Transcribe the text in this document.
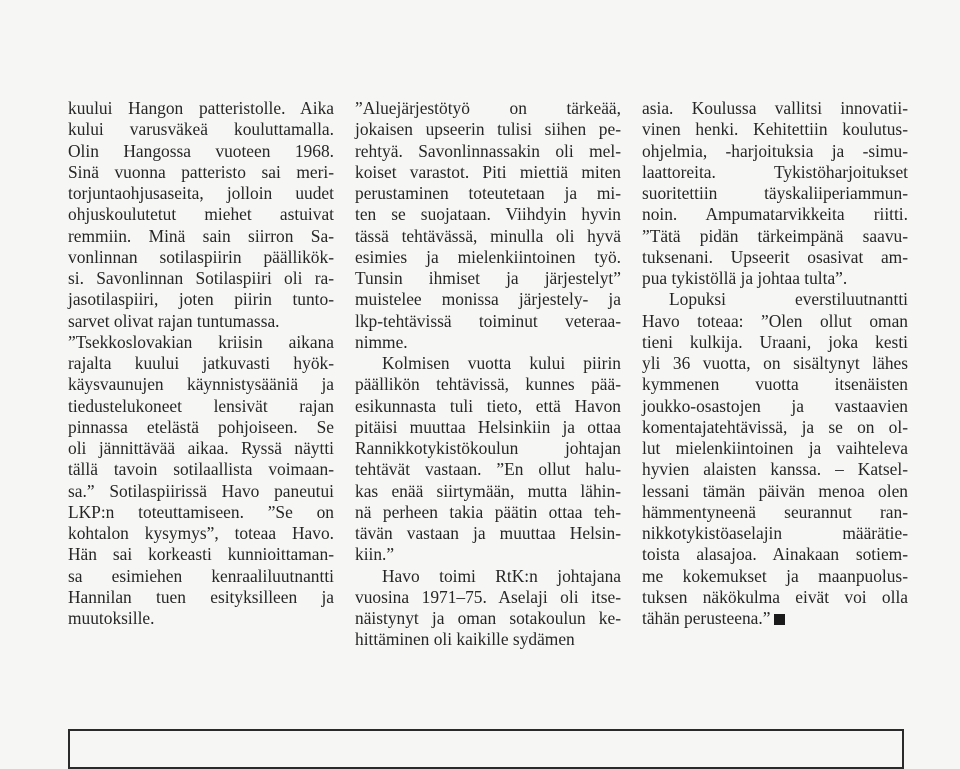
kuului Hangon patteristolle. Aika
kului varusväkeä kouluttamalla.
Olin Hangossa vuoteen 1968.
Sinä vuonna patteristo sai meri-
torjuntaohjusaseita, jolloin uudet
ohjuskoulutetut miehet astuivat
remmiin. Minä sain siirron Sa-
vonlinnan sotilaspiirin päällikök-
si. Savonlinnan Sotilaspiiri oli ra-
jasotilaspiiri, joten piirin tunto-
sarvet olivat rajan tuntumassa.
”Tsekkoslovakian kriisin aikana
rajalta kuului jatkuvasti hyök-
käysvaunujen käynnistysääniä ja
tiedustelukoneet lensivät rajan
pinnassa etelästä pohjoiseen. Se
oli jännittävää aikaa. Ryssä näytti
tällä tavoin sotilaallista voimaan-
sa.” Sotilaspiirissä Havo paneutui
LKP:n toteuttamiseen. ”Se on
kohtalon kysymys”, toteaa Havo.
Hän sai korkeasti kunnioittaman-
sa esimiehen kenraaliluutnantti
Hannilan tuen esityksilleen ja
muutoksille.
”Aluejärjestötyö on tärkeää,
jokaisen upseerin tulisi siihen pe-
rehtyä. Savonlinnassakin oli mel-
koiset varastot. Piti miettiä miten
perustaminen toteutetaan ja mi-
ten se suojataan. Viihdyin hyvin
tässä tehtävässä, minulla oli hyvä
esimies ja mielenkiintoinen työ.
Tunsin ihmiset ja järjestelyt”
muistelee monissa järjestely- ja
lkp-tehtävissä toiminut veteraa-
nimme.
Kolmisen vuotta kului piirin
päällikön tehtävissä, kunnes pää-
esikunnasta tuli tieto, että Havon
pitäisi muuttaa Helsinkiin ja ottaa
Rannikkotykistökoulun johtajan
tehtävät vastaan. ”En ollut halu-
kas enää siirtymään, mutta lähin-
nä perheen takia päätin ottaa teh-
tävän vastaan ja muuttaa Helsin-
kiin.”
Havo toimi RtK:n johtajana
vuosina 1971–75. Aselaji oli itse-
näistynyt ja oman sotakoulun ke-
hittäminen oli kaikille sydämen
asia. Koulussa vallitsi innovatii-
vinen henki. Kehitettiin koulutus-
ohjelmia, -harjoituksia ja -simu-
laattoreita. Tykistöharjoitukset
suoritettiin täyskaliiperiammun-
noin. Ampumatarvikkeita riitti.
”Tätä pidän tärkeimpänä saavu-
tuksenani. Upseerit osasivat am-
pua tykistöllä ja johtaa tulta”.
Lopuksi everstiluutnantti
Havo toteaa: ”Olen ollut oman
tieni kulkija. Uraani, joka kesti
yli 36 vuotta, on sisältynyt lähes
kymmenen vuotta itsenäisten
joukko-osastojen ja vastaavien
komentajatehtävissä, ja se on ol-
lut mielenkiintoinen ja vaihteleva
hyvien alaisten kanssa. – Katsel-
lessani tämän päivän menoa olen
hämmentyneenä seurannut ran-
nikkotykistöaselajin määrätie-
toista alasajoa. Ainakaan sotiem-
me kokemukset ja maanpuolus-
tuksen näkökulma eivät voi olla
tähän perusteena.”
